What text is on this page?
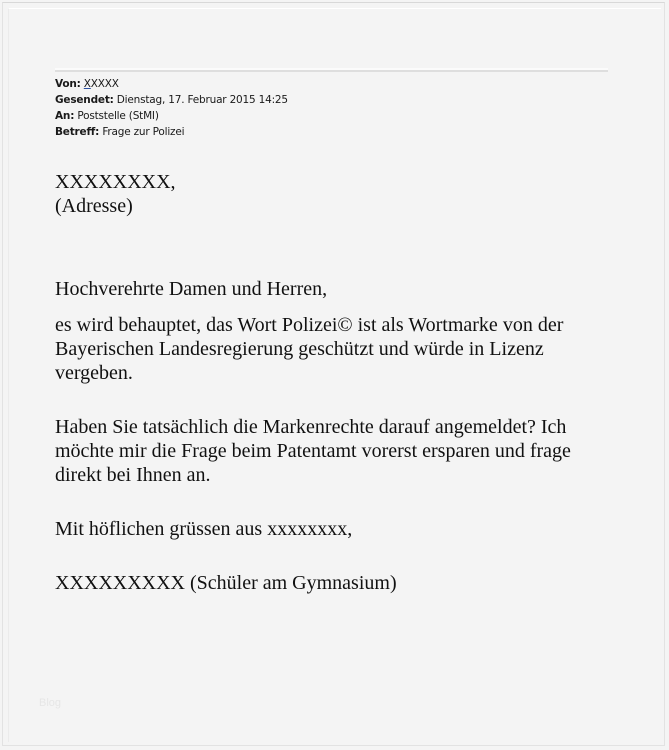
Von: XXXXX
Gesendet: Dienstag, 17. Februar 2015 14:25
An: Poststelle (StMI)
Betreff: Frage zur Polizei
XXXXXXXX,
(Adresse)
Hochverehrte Damen und Herren,
es wird behauptet, das Wort Polizei© ist als Wortmarke von der
Bayerischen Landesregierung geschützt und würde in Lizenz
vergeben.
Haben Sie tatsächlich die Markenrechte darauf angemeldet? Ich
möchte mir die Frage beim Patentamt vorerst ersparen und frage
direkt bei Ihnen an.
Mit höflichen grüssen aus xxxxxxxx,
XXXXXXXXX (Schüler am Gymnasium)
Blog
